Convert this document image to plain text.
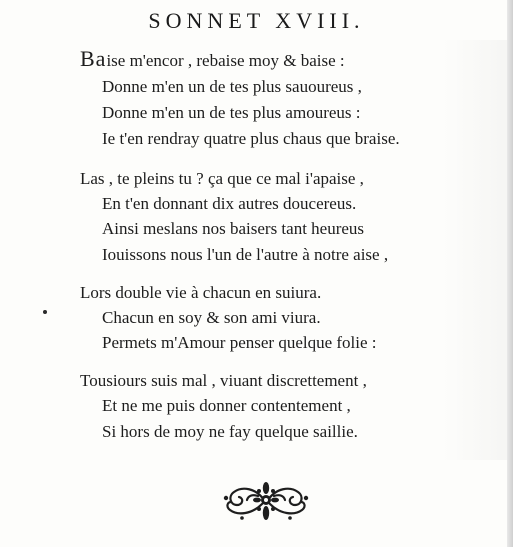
SONNET XVIII.
Baise m'encor , rebaise moy & baise :
Donne m'en un de tes plus sauoureus ,
Donne m'en un de tes plus amoureus :
Ie t'en rendray quatre plus chaus que braise.
Las , te pleins tu ? ça que ce mal i'apaise ,
En t'en donnant dix autres doucereus.
Ainsi meslans nos baisers tant heureus
Iouissons nous l'un de l'autre à notre aise ,
Lors double vie à chacun en suiura.
Chacun en soy & son ami viura.
Permets m'Amour penser quelque folie :
Tousiours suis mal , viuant discrettement ,
Et ne me puis donner contentement ,
Si hors de moy ne fay quelque saillie.
